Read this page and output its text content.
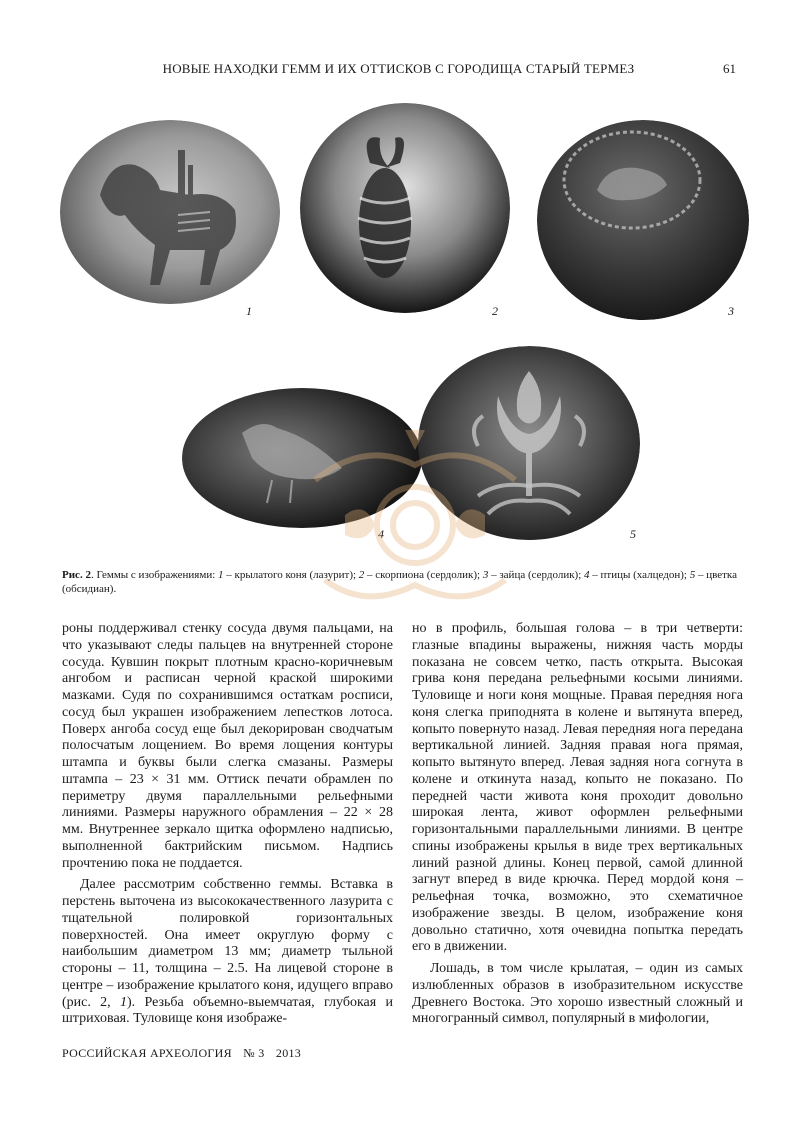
НОВЫЕ НАХОДКИ ГЕММ И ИХ ОТТИСКОВ С ГОРОДИЩА СТАРЫЙ ТЕРМЕЗ	61
1	2	3
4	5
Рис. 2. Геммы с изображениями: 1 – крылатого коня (лазурит); 2 – скорпиона (сердолик); 3 – зайца (сердолик); 4 – птицы (халцедон); 5 – цветка (обсидиан).

роны поддерживал стенку сосуда двумя пальцами, на что указывают следы пальцев на внутренней стороне сосуда. Кувшин покрыт плотным красно-коричневым ангобом и расписан черной краской широкими мазками. Судя по сохранившимся остаткам росписи, сосуд был украшен изображением лепестков лотоса. Поверх ангоба сосуд еще был декорирован сводчатым полосчатым лощением. Во время лощения контуры штампа и буквы были слегка смазаны. Размеры штампа – 23 × 31 мм. Оттиск печати обрамлен по периметру двумя параллельными рельефными линиями. Размеры наружного обрамления – 22 × 28 мм. Внутреннее зеркало щитка оформлено надписью, выполненной бактрийским письмом. Надпись прочтению пока не поддается.

Далее рассмотрим собственно геммы. Вставка в перстень выточена из высококачественного лазурита с тщательной полировкой горизонтальных поверхностей. Она имеет округлую форму с наибольшим диаметром 13 мм; диаметр тыльной стороны – 11, толщина – 2.5. На лицевой стороне в центре – изображение крылатого коня, идущего вправо (рис. 2, 1). Резьба объемно-выемчатая, глубокая и штриховая. Туловище коня изображе-

но в профиль, большая голова – в три четверти: глазные впадины выражены, нижняя часть морды показана не совсем четко, пасть открыта. Высокая грива коня передана рельефными косыми линиями. Туловище и ноги коня мощные. Правая передняя нога коня слегка приподнята в колене и вытянута вперед, копыто повернуто назад. Левая передняя нога передана вертикальной линией. Задняя правая нога прямая, копыто вытянуто вперед. Левая задняя нога согнута в колене и откинута назад, копыто не показано. По передней части живота коня проходит довольно широкая лента, живот оформлен рельефными горизонтальными параллельными линиями. В центре спины изображены крылья в виде трех вертикальных линий разной длины. Конец первой, самой длинной загнут вперед в виде крючка. Перед мордой коня – рельефная точка, возможно, это схематичное изображение звезды. В целом, изображение коня довольно статично, хотя очевидна попытка передать его в движении.

Лошадь, в том числе крылатая, – один из самых излюбленных образов в изобразительном искусстве Древнего Востока. Это хорошо известный сложный и многогранный символ, популярный в мифологии,

РОССИЙСКАЯ АРХЕОЛОГИЯ № 3 2013
